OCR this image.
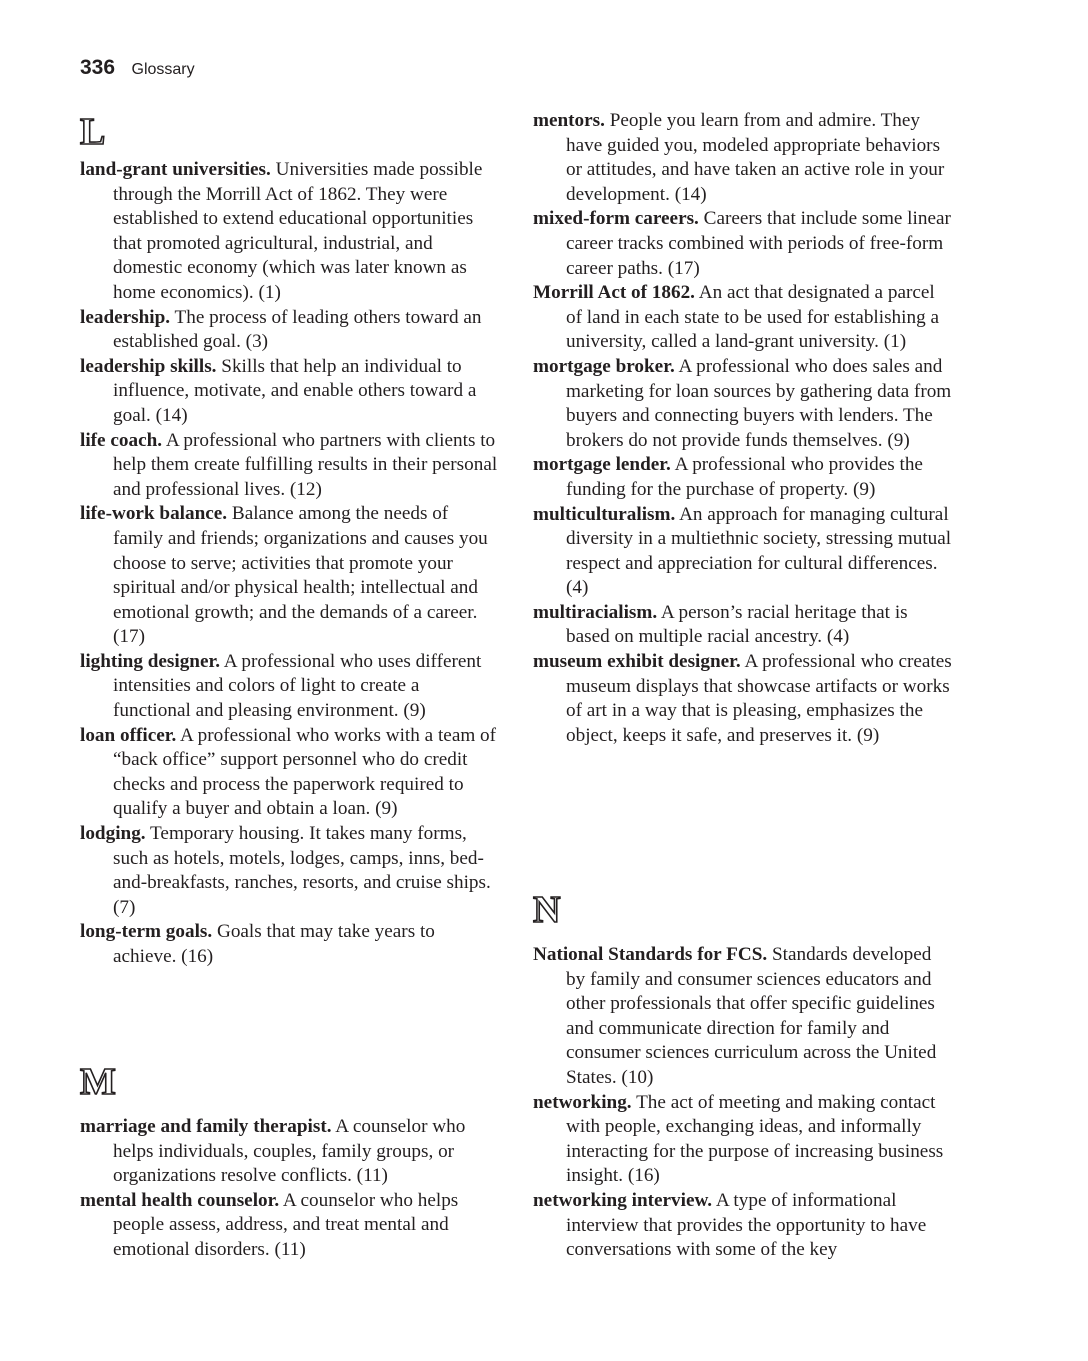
336 Glossary
L
land-grant universities. Universities made possible through the Morrill Act of 1862. They were established to extend educational opportunities that promoted agricultural, industrial, and domestic economy (which was later known as home economics). (1)
leadership. The process of leading others toward an established goal. (3)
leadership skills. Skills that help an individual to influence, motivate, and enable others toward a goal. (14)
life coach. A professional who partners with clients to help them create fulfilling results in their personal and professional lives. (12)
life-work balance. Balance among the needs of family and friends; organizations and causes you choose to serve; activities that promote your spiritual and/or physical health; intellectual and emotional growth; and the demands of a career. (17)
lighting designer. A professional who uses different intensities and colors of light to create a functional and pleasing environment. (9)
loan officer. A professional who works with a team of “back office” support personnel who do credit checks and process the paperwork required to qualify a buyer and obtain a loan. (9)
lodging. Temporary housing. It takes many forms, such as hotels, motels, lodges, camps, inns, bed-and-breakfasts, ranches, resorts, and cruise ships. (7)
long-term goals. Goals that may take years to achieve. (16)
M
marriage and family therapist. A counselor who helps individuals, couples, family groups, or organizations resolve conflicts. (11)
mental health counselor. A counselor who helps people assess, address, and treat mental and emotional disorders. (11)
mentors. People you learn from and admire. They have guided you, modeled appropriate behaviors or attitudes, and have taken an active role in your development. (14)
mixed-form careers. Careers that include some linear career tracks combined with periods of free-form career paths. (17)
Morrill Act of 1862. An act that designated a parcel of land in each state to be used for establishing a university, called a land-grant university. (1)
mortgage broker. A professional who does sales and marketing for loan sources by gathering data from buyers and connecting buyers with lenders. The brokers do not provide funds themselves. (9)
mortgage lender. A professional who provides the funding for the purchase of property. (9)
multiculturalism. An approach for managing cultural diversity in a multiethnic society, stressing mutual respect and appreciation for cultural differences. (4)
multiracialism. A person’s racial heritage that is based on multiple racial ancestry. (4)
museum exhibit designer. A professional who creates museum displays that showcase artifacts or works of art in a way that is pleasing, emphasizes the object, keeps it safe, and preserves it. (9)
N
National Standards for FCS. Standards developed by family and consumer sciences educators and other professionals that offer specific guidelines and communicate direction for family and consumer sciences curriculum across the United States. (10)
networking. The act of meeting and making contact with people, exchanging ideas, and informally interacting for the purpose of increasing business insight. (16)
networking interview. A type of informational interview that provides the opportunity to have conversations with some of the key
